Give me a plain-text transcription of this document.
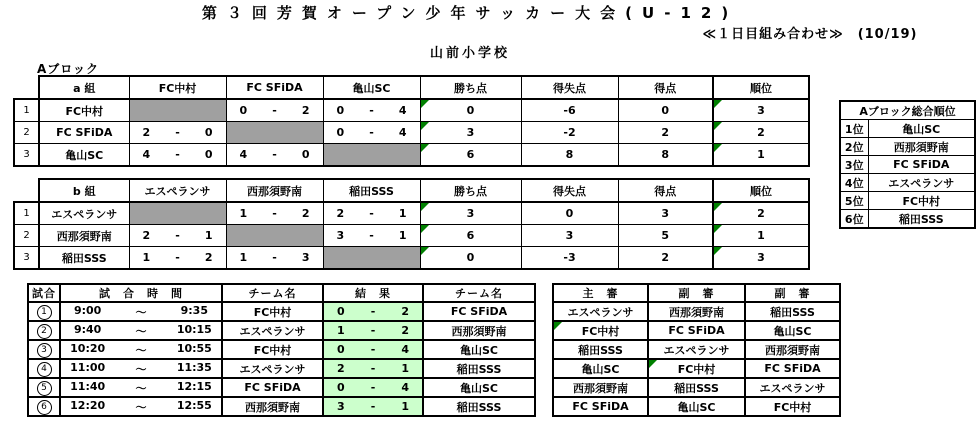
第３回芳賀オープン少年サッカー大会(U-12)
≪１日目組み合わせ≫　(10/19)
山前小学校
Aブロック
	a 組	FC中村	FC SFiDA	亀山SC	勝ち点	得失点	得点	順位
1	FC中村		0 - 2	0 - 4	0	-6	0	3
2	FC SFiDA	2 - 0		0 - 4	3	-2	2	2
3	亀山SC	4 - 0	4 - 0		6	8	8	1
	b 組	エスペランサ	西那須野南	稲田SSS	勝ち点	得失点	得点	順位
1	エスペランサ		1 - 2	2 - 1	3	0	3	2
2	西那須野南	2 - 1		3 - 1	6	3	5	1
3	稲田SSS	1 - 2	1 - 3		0	-3	2	3
Aブロック総合順位	
1位	亀山SC
2位	西那須野南
3位	FC SFiDA
4位	エスペランサ
5位	FC中村
6位	稲田SSS
試合	試　合　時　間	チーム名	結　果	チーム名
1	9:00 ～ 9:35	FC中村	0 - 2	FC SFiDA
2	9:40 ～ 10:15	エスペランサ	1 - 2	西那須野南
3	10:20 ～ 10:55	FC中村	0 - 4	亀山SC
4	11:00 ～ 11:35	エスペランサ	2 - 1	稲田SSS
5	11:40 ～ 12:15	FC SFiDA	0 - 4	亀山SC
6	12:20 ～ 12:55	西那須野南	3 - 1	稲田SSS
主　審	副　審	副　審
エスペランサ	西那須野南	稲田SSS
FC中村	FC SFiDA	亀山SC
稲田SSS	エスペランサ	西那須野南
亀山SC	FC中村	FC SFiDA
西那須野南	稲田SSS	エスペランサ
FC SFiDA	亀山SC	FC中村
